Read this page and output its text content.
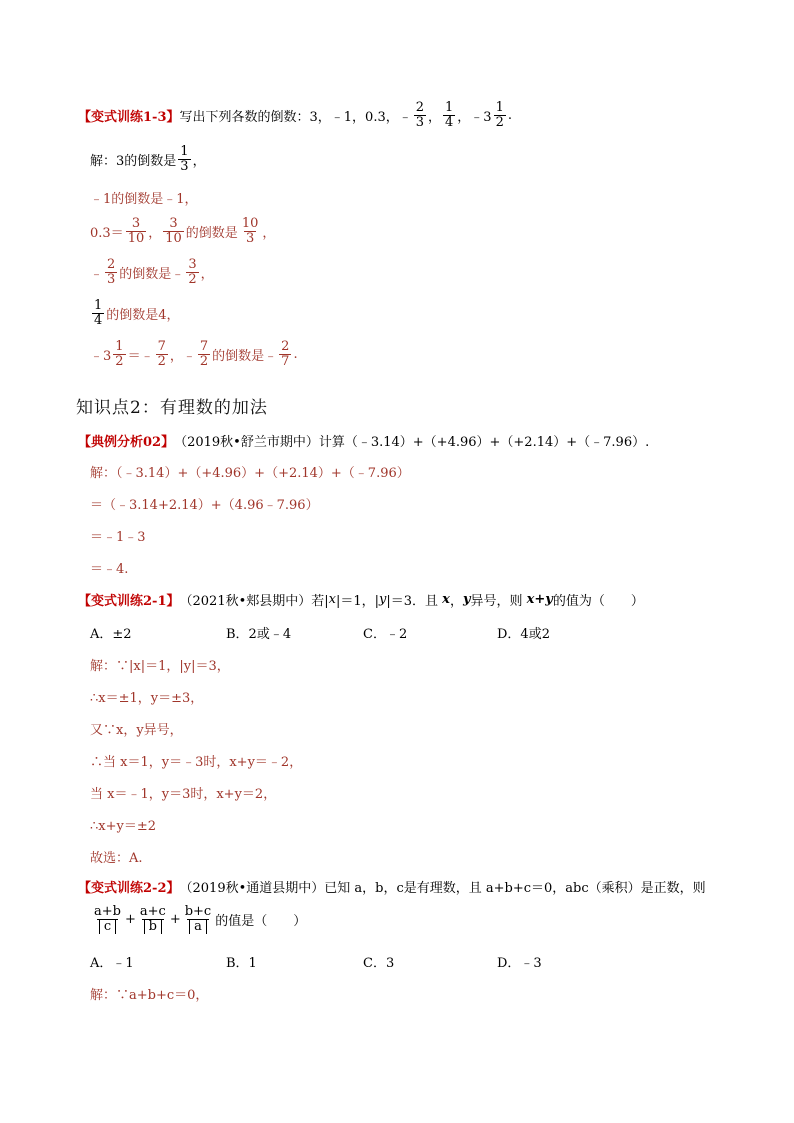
【变式训练1-3】 写出下列各数的倒数：3，﹣1，0.3，﹣ $\frac{2}{3}$ ， $\frac{1}{4}$ ，﹣3 $\frac{1}{2}$ .
解：3的倒数是 $\frac{1}{3}$ ，
﹣1的倒数是﹣1，
$0.3= \frac{3}{10}$ ， $\frac{3}{10}$ 的倒数是 $\frac{10}{3}$ ，
﹣ $\frac{2}{3}$ 的倒数是﹣ $\frac{3}{2}$ ，
$\frac{1}{4}$ 的倒数是4，
﹣3 $\frac{1}{2}$ ＝﹣ $\frac{7}{2}$ ，﹣ $\frac{7}{2}$ 的倒数是﹣ $\frac{2}{7}$ .
知识点2：有理数的加法
【典例分析02】 （2019秋•舒兰市期中）计算（﹣3.14）+（+4.96）+（+2.14）+（﹣7.96）.
解：（﹣3.14）+（+4.96）+（+2.14）+（﹣7.96）
＝（﹣3.14+2.14）+（4.96﹣7.96）
＝﹣1﹣3
＝﹣4.
【变式训练2-1】 （2021秋•郏县期中）若| x |＝1，| y |＝3．且 x ， y 异号，则 x+y 的值为（　　）
A．±2	B．2或﹣4	C．﹣2	D．4或2
解：∵|x|＝1，|y|＝3，
∴x＝±1，y＝±3，
又∵x，y异号，
∴当 x＝1，y＝﹣3时，x+y＝﹣2，
当 x＝﹣1，y＝3时，x+y＝2，
∴x+y＝±2
故选：A.
【变式训练2-2】 （2019秋•通道县期中）已知 a，b，c是有理数，且 a+b+c＝0，abc（乘积）是正数，则
$\frac{a+b}{c} + \frac{a+c}{b} + \frac{b+c}{a}$ 的值是（　　）
A．﹣1	B．1	C．3	D．﹣3
解：∵a+b+c＝0，
